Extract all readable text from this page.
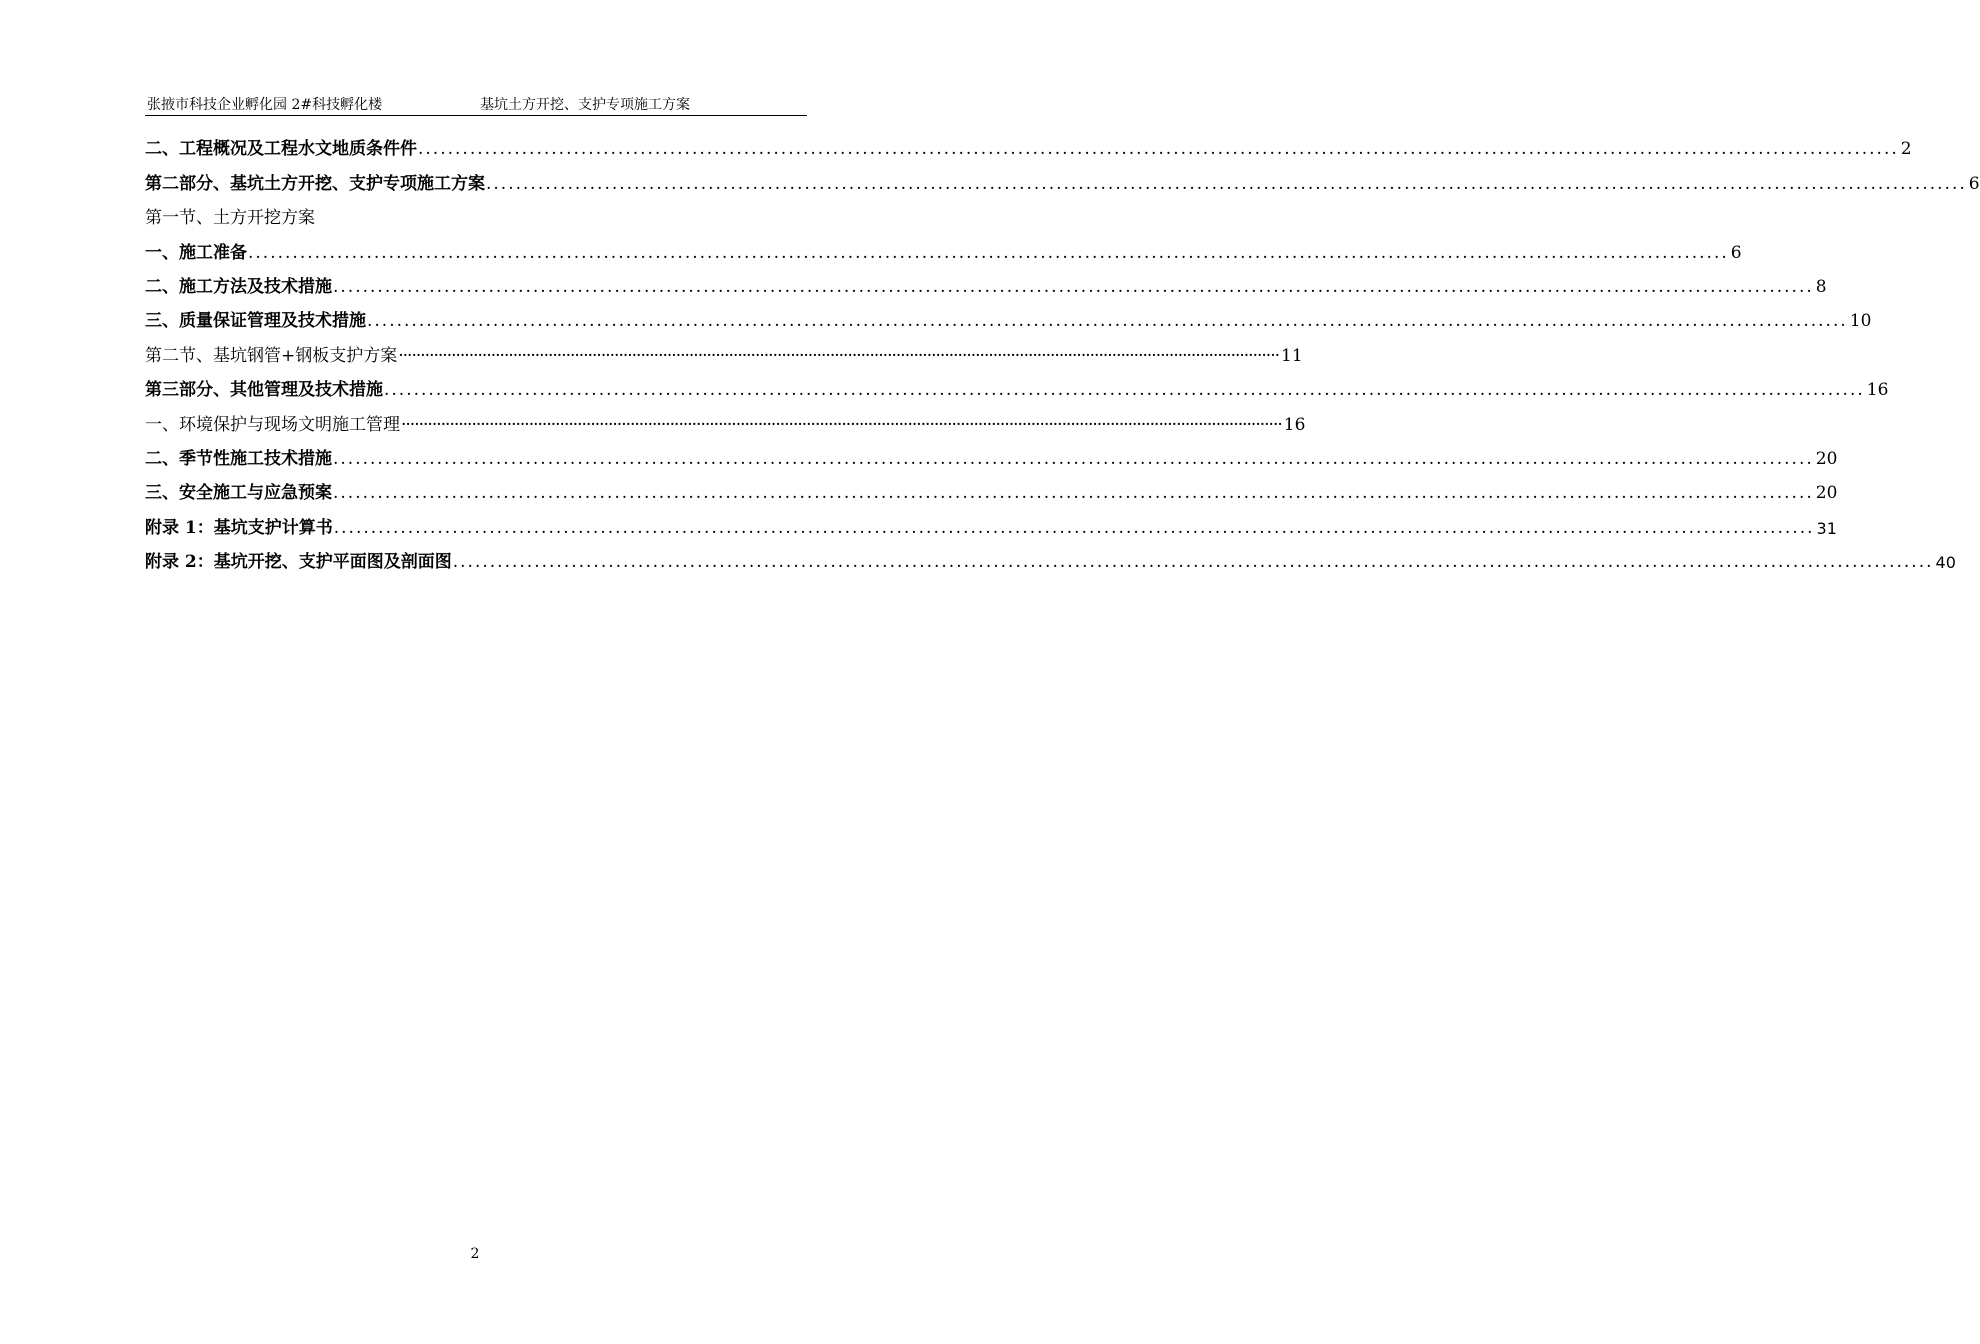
张掖市科技企业孵化园 2#科技孵化楼	基坑土方开挖、支护专项施工方案
二、工程概况及工程水文地质条件件 ........................................................................................................................................................................................................ 2
第二部分、基坑土方开挖、支护专项施工方案 ........................................................................................................................................................................................................ 6
第一节、土方开挖方案
一、施工准备 ........................................................................................................................................................................................................ 6
二、施工方法及技术措施 ........................................................................................................................................................................................................ 8
三、质量保证管理及技术措施 ........................................................................................................................................................................................................ 10
第二节、基坑钢管+钢板支护方案 ········································································································································································································ 11
第三部分、其他管理及技术措施 ........................................................................................................................................................................................................ 16
一、环境保护与现场文明施工管理 ········································································································································································································ 16
二、季节性施工技术措施 ........................................................................................................................................................................................................ 20
三、安全施工与应急预案 ........................................................................................................................................................................................................ 20
附录 1：基坑支护计算书 ........................................................................................................................................................................................................ 31
附录 2：基坑开挖、支护平面图及剖面图 ........................................................................................................................................................................................................ 40
2
